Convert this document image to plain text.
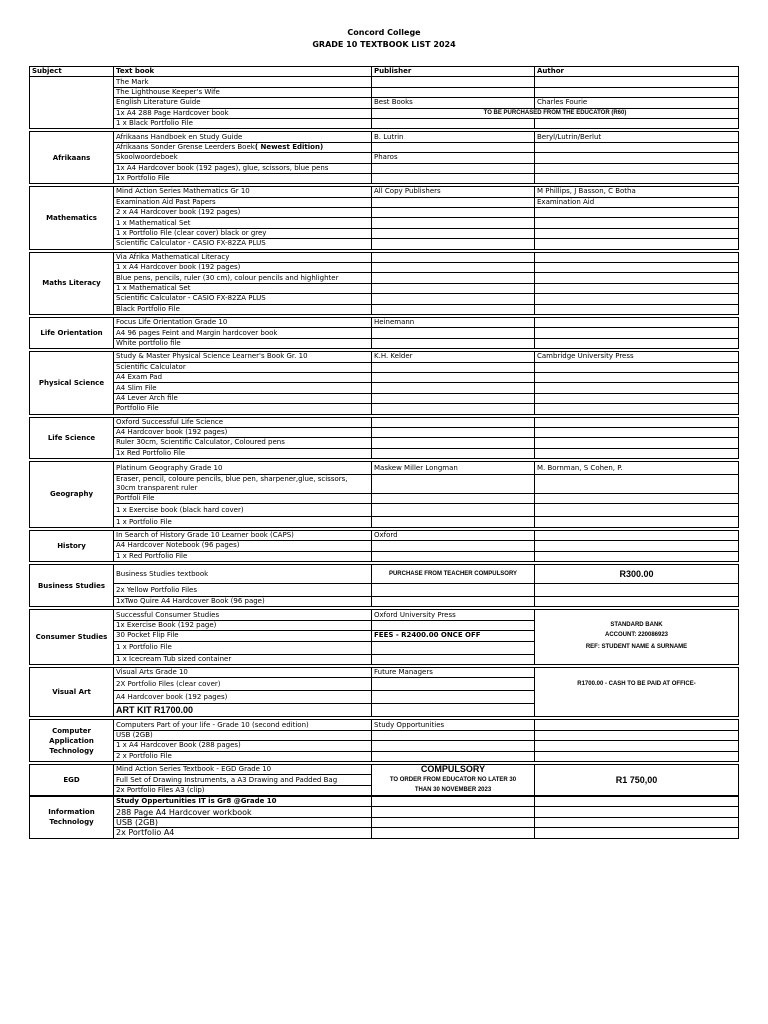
Concord College
GRADE 10 TEXTBOOK LIST 2024
Subject	Text book	Publisher	Author
	The Mark		
	The Lighthouse Keeper's Wife		
	English Literature Guide	Best Books	Charles Fourie
	1x A4 288 Page Hardcover book	TO BE PURCHASED FROM THE EDUCATOR (R60)	
	1 x Black Portfolio File		
Afrikaans	Afrikaans Handboek en Study Guide	B. Lutrin	Beryl/Lutrin/Berlut
	Afrikaans Sonder Grense Leerders Boek( Newest Edition)		
	Skoolwoordeboek	Pharos	
	1x A4 Hardcover book (192 pages), glue, scissors, blue pens		
	1x Portfolio File		
Mathematics	Mind Action Series Mathematics Gr 10	All Copy Publishers	M Phillips, J Basson, C Botha
	Examination Aid Past Papers		Examination Aid
	2 x A4 Hardcover book (192 pages)		
	1 x Mathematical Set		
	1 x Portfolio File (clear cover) black or grey		
	Scientific Calculator - CASIO FX-82ZA PLUS		
Maths Literacy	Via Afrika Mathematical Literacy		
	1 x A4 Hardcover book (192 pages)		
	Blue pens, pencils, ruler (30 cm), colour pencils and highlighter		
	1 x Mathematical Set		
	Scientific Calculator - CASIO FX-82ZA PLUS		
	Black Portfolio File		
Life Orientation	Focus Life Orientation Grade 10	Heinemann	
	A4 96 pages Feint and Margin hardcover book		
	White portfolio file		
Physical Science	Study & Master Physical Science Learner's Book Gr. 10	K.H. Kelder	Cambridge University Press
	Scientific Calculator		
	A4 Exam Pad		
	A4 Slim File		
	A4 Lever Arch file		
	Portfolio File		
Life Science	Oxford Successful Life Science		
	A4 Hardcover book (192 pages)		
	Ruler 30cm, Scientific Calculator, Coloured pens		
	1x Red Portfolio File		
Geography	Platinum Geography Grade 10	Maskew Miller Longman	M. Bornman, S Cohen, P.
	Eraser, pencil, coloure pencils, blue pen, sharpener,glue, scissors, 30cm transparent ruler		
	Portfoli File		
	1 x Exercise book (black hard cover)		
	1 x Portfolio File		
History	In Search of History Grade 10 Learner book (CAPS)	Oxford	
	A4 Hardcover Notebook (96 pages)		
	1 x Red Portfolio File		
Business Studies	Business Studies textbook	PURCHASE FROM TEACHER COMPULSORY	R300.00
	2x Yellow Portfolio Files		
	1xTwo Quire A4 Hardcover Book (96 page)		
Consumer Studies	Successful Consumer Studies	Oxford University Press	
	1x Exercise Book (192 page)		STANDARD BANK
	30 Pocket Flip File	FEES - R2400.00 ONCE OFF	ACCOUNT: 220086923
	1 x Portfolio File		REF: STUDENT NAME & SURNAME
	1 x Icecream Tub sized container		
Visual Art	Visual Arts Grade 10	Future Managers	
	2X Portfolio Files (clear cover)		R1700.00 - CASH TO BE PAID AT OFFICE-
	A4 Hardcover book (192 pages)		
	ART KIT R1700.00		
Computer Application Technology	Computers Part of your life - Grade 10 (second edition)	Study Opportunities	
	USB (2GB)		
	1 x A4 Hardcover Book (288 pages)		
	2 x Portfolio File		
EGD	Mind Action Series Textbook - EGD Grade 10	COMPULSORY	
	Full Set of Drawing Instruments, a A3 Drawing and Padded Bag	TO ORDER FROM EDUCATOR NO LATER 30	R1 750,00
	2x Portfolio Files A3 (clip)	THAN 30 NOVEMBER 2023	
Information Technology	Study Oppertunities IT is Gr8 @Grade 10		
	288 Page A4 Hardcover workbook		
	USB (2GB)		
	2x Portfolio A4		
